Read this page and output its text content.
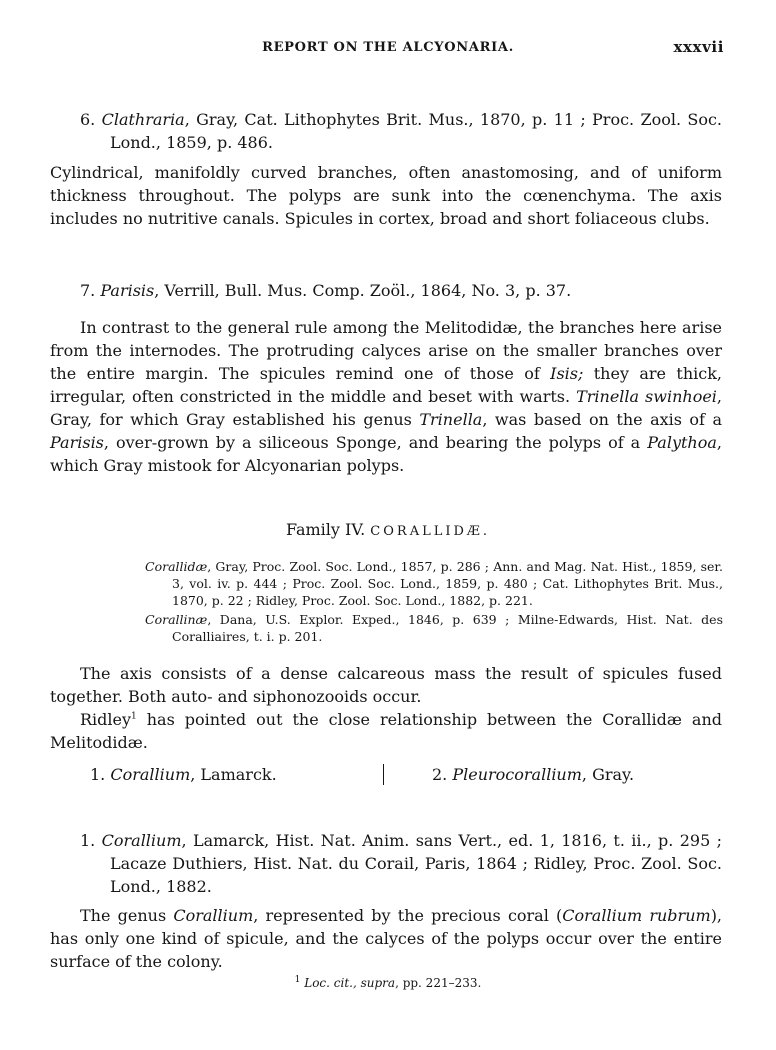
REPORT ON THE ALCYONARIA.	xxxvii

6. Clathraria, Gray, Cat. Lithophytes Brit. Mus., 1870, p. 11 ; Proc. Zool. Soc. Lond., 1859, p. 486.

Cylindrical, manifoldly curved branches, often anastomosing, and of uniform thickness throughout. The polyps are sunk into the cœnenchyma. The axis includes no nutritive canals. Spicules in cortex, broad and short foliaceous clubs.

7. Parisis, Verrill, Bull. Mus. Comp. Zoöl., 1864, No. 3, p. 37.

In contrast to the general rule among the Melitodidæ, the branches here arise from the internodes. The protruding calyces arise on the smaller branches over the entire margin. The spicules remind one of those of Isis; they are thick, irregular, often constricted in the middle and beset with warts. Trinella swinhoei, Gray, for which Gray established his genus Trinella, was based on the axis of a Parisis, over-grown by a siliceous Sponge, and bearing the polyps of a Palythoa, which Gray mistook for Alcyonarian polyps.

Family IV. CORALLIDÆ.

Corallidæ, Gray, Proc. Zool. Soc. Lond., 1857, p. 286 ; Ann. and Mag. Nat. Hist., 1859, ser. 3, vol. iv. p. 444 ; Proc. Zool. Soc. Lond., 1859, p. 480 ; Cat. Lithophytes Brit. Mus., 1870, p. 22 ; Ridley, Proc. Zool. Soc. Lond., 1882, p. 221.

Corallinæ, Dana, U.S. Explor. Exped., 1846, p. 639 ; Milne-Edwards, Hist. Nat. des Coralliaires, t. i. p. 201.

The axis consists of a dense calcareous mass the result of spicules fused together. Both auto- and siphonozooids occur.

Ridley$^1$ has pointed out the close relationship between the Corallidæ and Melitodidæ.

1. Corallium, Lamarck.	2. Pleurocorallium, Gray.

1. Corallium, Lamarck, Hist. Nat. Anim. sans Vert., ed. 1, 1816, t. ii., p. 295 ; Lacaze Duthiers, Hist. Nat. du Corail, Paris, 1864 ; Ridley, Proc. Zool. Soc. Lond., 1882.

The genus Corallium, represented by the precious coral (Corallium rubrum), has only one kind of spicule, and the calyces of the polyps occur over the entire surface of the colony.

$^1$ Loc. cit., supra, pp. 221–233.
